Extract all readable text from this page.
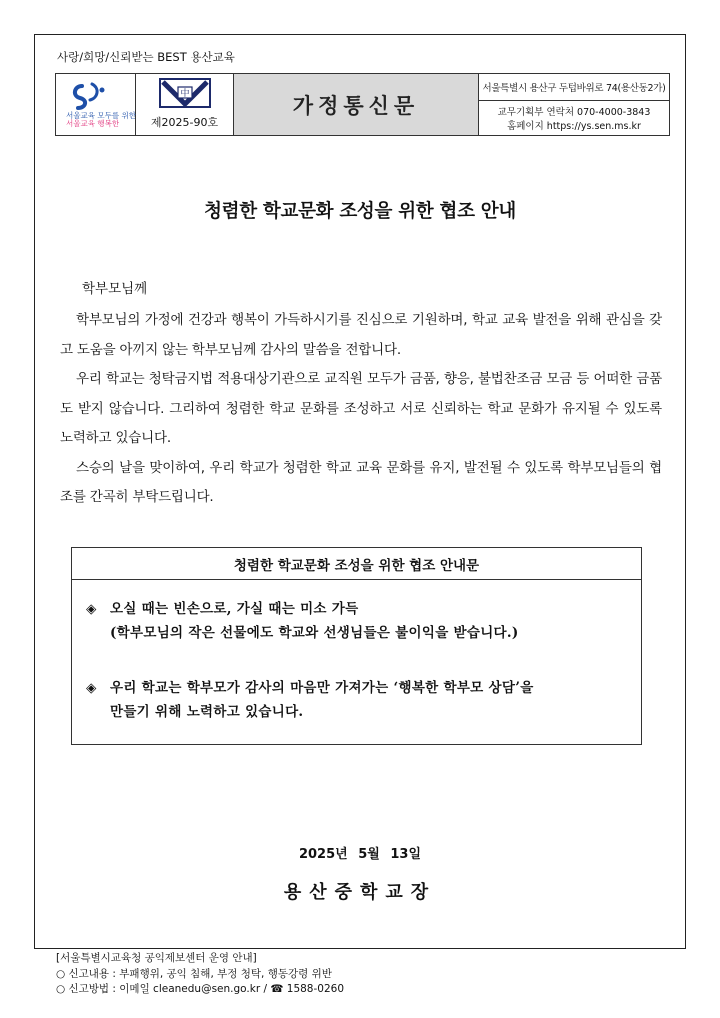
사랑/희망/신뢰받는 BEST 용산교육
서울교육 모두를 위한
서울교육 행복한
中
제2025-90호
가정통신문
서울특별시 용산구 두텁바위로 74(용산동2가)
교무기획부 연락처 070-4000-3843
홈페이지 https://ys.sen.ms.kr
청렴한 학교문화 조성을 위한 협조 안내
학부모님께

학부모님의 가정에 건강과 행복이 가득하시기를 진심으로 기원하며, 학교 교육 발전을 위해 관심을 갖고 도움을 아끼지 않는 학부모님께 감사의 말씀을 전합니다.

우리 학교는 청탁금지법 적용대상기관으로 교직원 모두가 금품, 향응, 불법찬조금 모금 등 어떠한 금품도 받지 않습니다. 그리하여 청렴한 학교 문화를 조성하고 서로 신뢰하는 학교 문화가 유지될 수 있도록 노력하고 있습니다.

스승의 날을 맞이하여, 우리 학교가 청렴한 학교 교육 문화를 유지, 발전될 수 있도록 학부모님들의 협조를 간곡히 부탁드립니다.

청렴한 학교문화 조성을 위한 협조 안내문
◈ 오실 때는 빈손으로, 가실 때는 미소 가득
(학부모님의 작은 선물에도 학교와 선생님들은 불이익을 받습니다.)
◈ 우리 학교는 학부모가 감사의 마음만 가져가는 ‘행복한 학부모 상담’을
만들기 위해 노력하고 있습니다.
2025년 5월 13일
용산중학교장
[서울특별시교육청 공익제보센터 운영 안내]
○ 신고내용 : 부패행위, 공익 침해, 부정 청탁, 행동강령 위반
○ 신고방법 : 이메일 cleanedu@sen.go.kr / ☎ 1588-0260
